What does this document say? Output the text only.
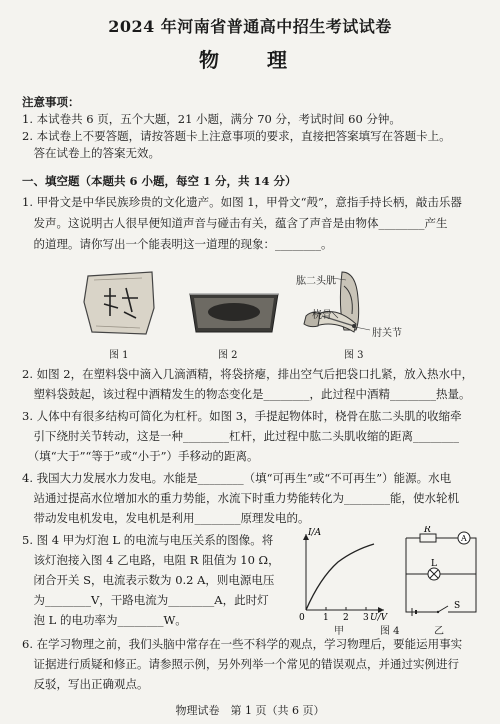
2024 年河南省普通高中招生考试试卷
物　理
注意事项：
1. 本试卷共 6 页，五个大题，21 小题，满分 70 分，考试时间 60 分钟。
2. 本试卷上不要答题，请按答题卡上注意事项的要求，直接把答案填写在答题卡上。
　答在试卷上的答案无效。
一、填空题（本题共 6 小题，每空 1 分，共 14 分）
1. 甲骨文是中华民族珍贵的文化遗产。如图 1，甲骨文“殸”，意指手持长柄，敲击乐器
　发声。这说明古人很早便知道声音与碰击有关，蕴含了声音是由物体________产生
　的道理。请你写出一个能表明这一道理的现象：________。
图 1	图 2
肱二头肌
桡骨
肘关节
图 3
2. 如图 2，在塑料袋中滴入几滴酒精，将袋挤瘪，排出空气后把袋口扎紧，放入热水中，
　塑料袋鼓起，该过程中酒精发生的物态变化是________，此过程中酒精________热量。
3. 人体中有很多结构可简化为杠杆。如图 3，手提起物体时，桡骨在肱二头肌的收缩牵
　引下绕肘关节转动，这是一种________杠杆，此过程中肱二头肌收缩的距离________
　（填“大于”“等于”或“小于”）手移动的距离。
4. 我国大力发展水力发电。水能是________（填“可再生”或“不可再生”）能源。水电
　站通过提高水位增加水的重力势能，水流下时重力势能转化为________能，使水轮机
　带动发电机发电，发电机是利用________原理发电的。
5. 图 4 甲为灯泡 L 的电流与电压关系的图像。将
　该灯泡接入图 4 乙电路，电阻 R 阻值为 10 Ω，
　闭合开关 S，电流表示数为 0.2 A，则电源电压
　为________V，干路电流为________A，此时灯
　泡 L 的电功率为________W。
I/A
0 1 2 3 U/V
甲
R
A
L
S
乙
图 4
6. 在学习物理之前，我们头脑中常存在一些不科学的观点，学习物理后，要能运用事实
　证据进行质疑和修正。请参照示例，另外列举一个常见的错误观点，并通过实例进行
　反驳，写出正确观点。
物理试卷　第 1 页（共 6 页）
